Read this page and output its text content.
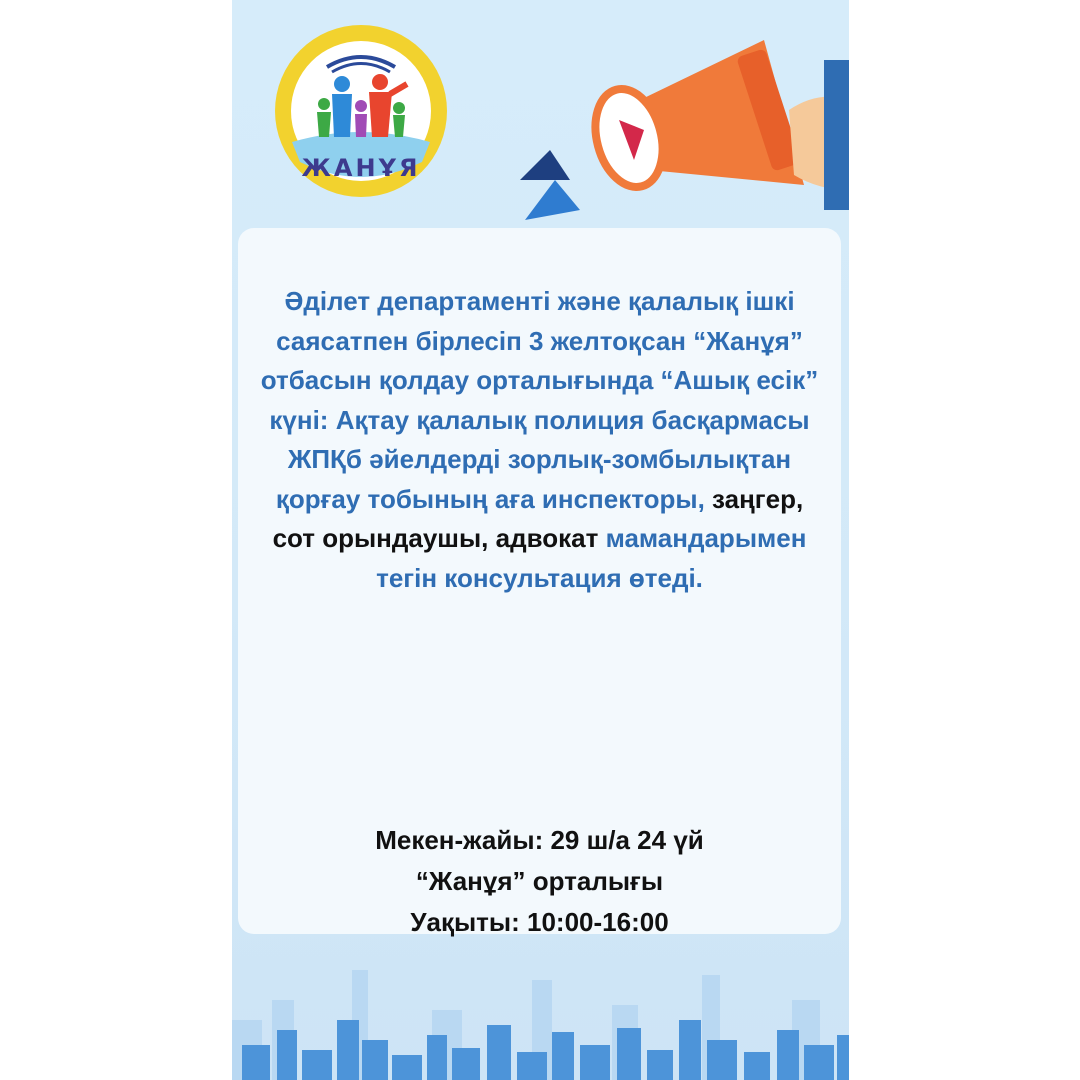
ЖАНҰЯ

Әділет департаменті және қалалық ішкі саясатпен бірлесіп 3 желтоқсан “Жанұя” отбасын қолдау орталығында “Ашық есік” күні: Ақтау қалалық полиция басқармасы ЖПҚб әйелдерді зорлық-зомбылықтан қорғау тобының аға инспекторы, заңгер, сот орындаушы, адвокат мамандарымен тегін консультация өтеді.

Мекен-жайы: 29 ш/а 24 үй
“Жанұя” орталығы
Уақыты: 10:00-16:00
